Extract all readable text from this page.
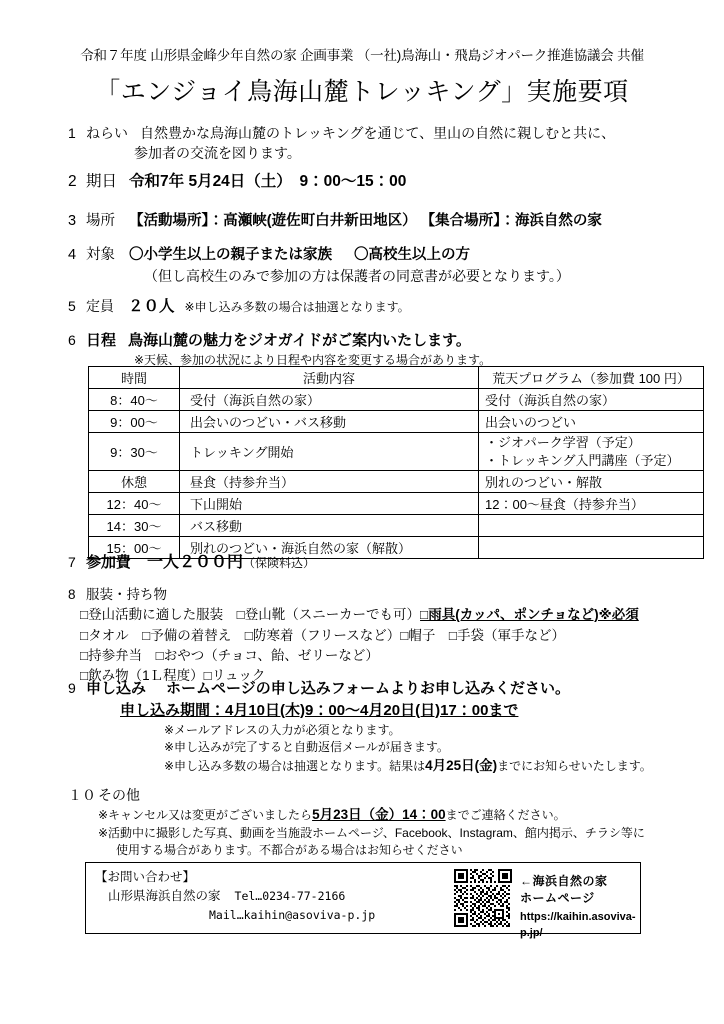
令和７年度 山形県金峰少年自然の家 企画事業 （一社)鳥海山・飛島ジオパーク推進協議会 共催
「エンジョイ鳥海山麓トレッキング」実施要項
1 ねらい 自然豊かな鳥海山麓のトレッキングを通じて、里山の自然に親しむと共に、
参加者の交流を図ります。
2 期日 令和7年 5月24日（土）　9：00～15：00
3 場所 【活動場所】：高瀬峡(遊佐町白井新田地区） 【集合場所】：海浜自然の家
4 対象 〇小学生以上の親子または家族 〇高校生以上の方
（但し高校生のみで参加の方は保護者の同意書が必要となります。）
5 定員 ２０人 ※申し込み多数の場合は抽選となります。
6 日程 鳥海山麓の魅力をジオガイドがご案内いたします。
※天候、参加の状況により日程や内容を変更する場合があります。
時間	活動内容	荒天プログラム（参加費 100 円）
8：40～	受付（海浜自然の家）	受付（海浜自然の家）
9：00～	出会いのつどい・バス移動	出会いのつどい
9：30～	トレッキング開始	・ジオパーク学習（予定）
・トレッキング入門講座（予定）

休憩	昼食（持参弁当）	別れのつどい・解散
12：40～	下山開始	12：00～昼食（持参弁当）
14：30～	バス移動	
15：00～	別れのつどい・海浜自然の家（解散）	
7 参加費 一人２００円（保険料込）
8 服装・持ち物
□登山活動に適した服装　□登山靴（スニーカーでも可）□雨具(カッパ、ポンチョなど)※必須
□タオル　□予備の着替え　□防寒着（フリースなど）□帽子　□手袋（軍手など）
□持参弁当　□おやつ（チョコ、飴、ゼリーなど）
□飲み物（1Ｌ程度）□リュック
9 申し込み ホームページの申し込みフォームよりお申し込みください。
申し込み期間：4月10日(木)9：00～4月20日(日)17：00まで
※メールアドレスの入力が必須となります。
※申し込みが完了すると自動返信メールが届きます。
※申し込み多数の場合は抽選となります。結果は4月25日(金)までにお知らせいたします。
１０ その他
※キャンセル又は変更がございましたら5月23日（金）14：00までご連絡ください。
※活動中に撮影した写真、動画を当施設ホームページ、Facebook、Instagram、館内掲示、チラシ等に
使用する場合があります。不都合がある場合はお知らせください
【お問い合わせ】
山形県海浜自然の家 Tel…0234-77-2166
Mail…kaihin@asoviva-p.jp
←海浜自然の家
ホームページ
https://kaihin.asoviva-p.jp/
